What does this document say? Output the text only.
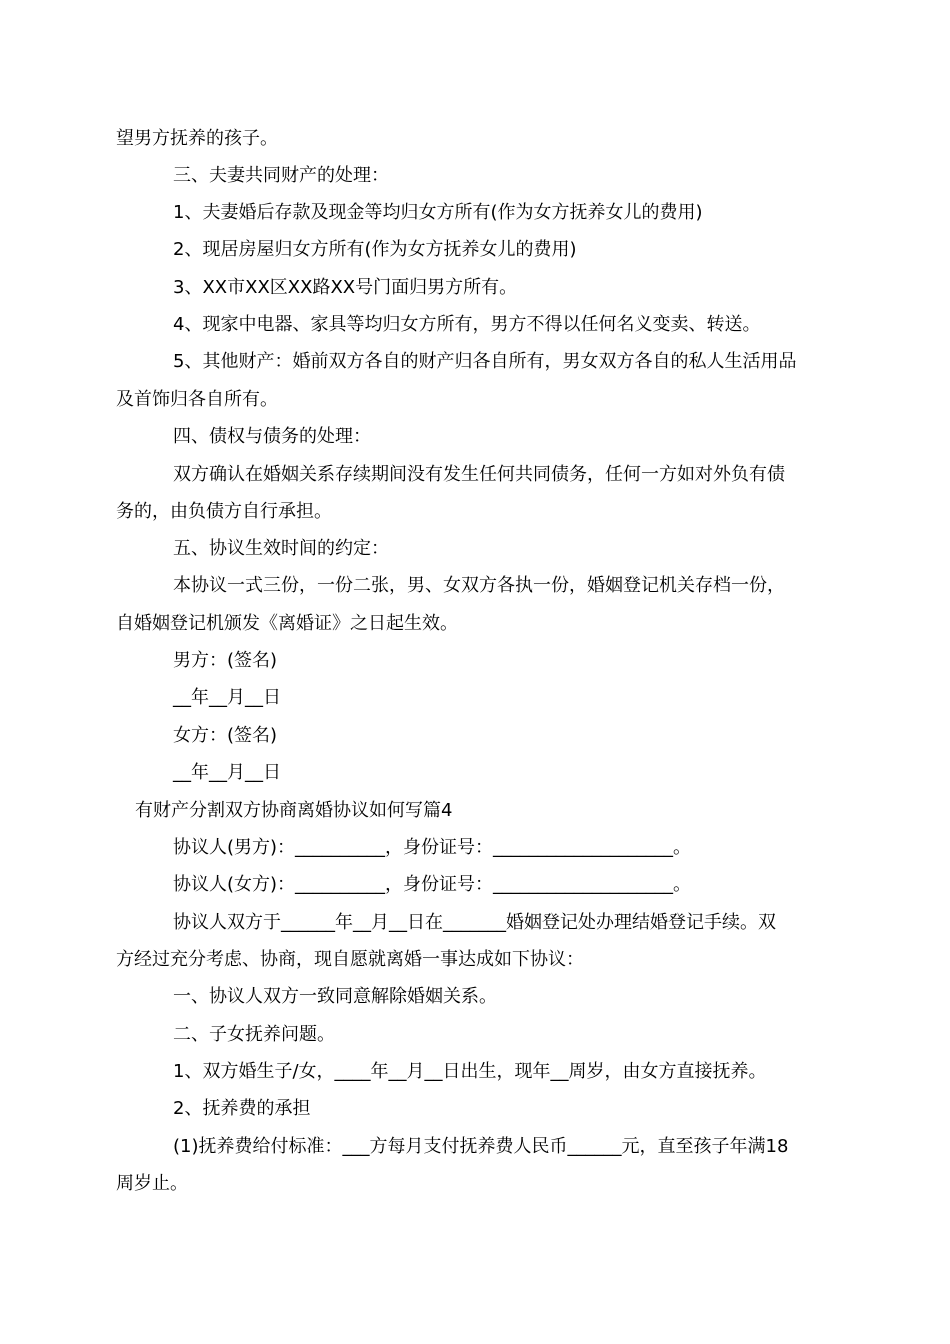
望男方抚养的孩子。
三、夫妻共同财产的处理：
1、夫妻婚后存款及现金等均归女方所有(作为女方抚养女儿的费用)
2、现居房屋归女方所有(作为女方抚养女儿的费用)
3、XX市XX区XX路XX号门面归男方所有。
4、现家中电器、家具等均归女方所有，男方不得以任何名义变卖、转送。
5、其他财产：婚前双方各自的财产归各自所有，男女双方各自的私人生活用品
及首饰归各自所有。
四、债权与债务的处理：
双方确认在婚姻关系存续期间没有发生任何共同债务，任何一方如对外负有债
务的，由负债方自行承担。
五、协议生效时间的约定：
本协议一式三份，一份二张，男、女双方各执一份，婚姻登记机关存档一份，
自婚姻登记机颁发《离婚证》之日起生效。
男方：(签名)
__年__月__日
女方：(签名)
__年__月__日
有财产分割双方协商离婚协议如何写篇4
协议人(男方)：__________，身份证号：____________________。
协议人(女方)：__________，身份证号：____________________。
协议人双方于______年__月__日在_______婚姻登记处办理结婚登记手续。双
方经过充分考虑、协商，现自愿就离婚一事达成如下协议：
一、协议人双方一致同意解除婚姻关系。
二、子女抚养问题。
1、双方婚生子/女，____年__月__日出生，现年__周岁，由女方直接抚养。
2、抚养费的承担
(1)抚养费给付标准：___方每月支付抚养费人民币______元，直至孩子年满18
周岁止。
